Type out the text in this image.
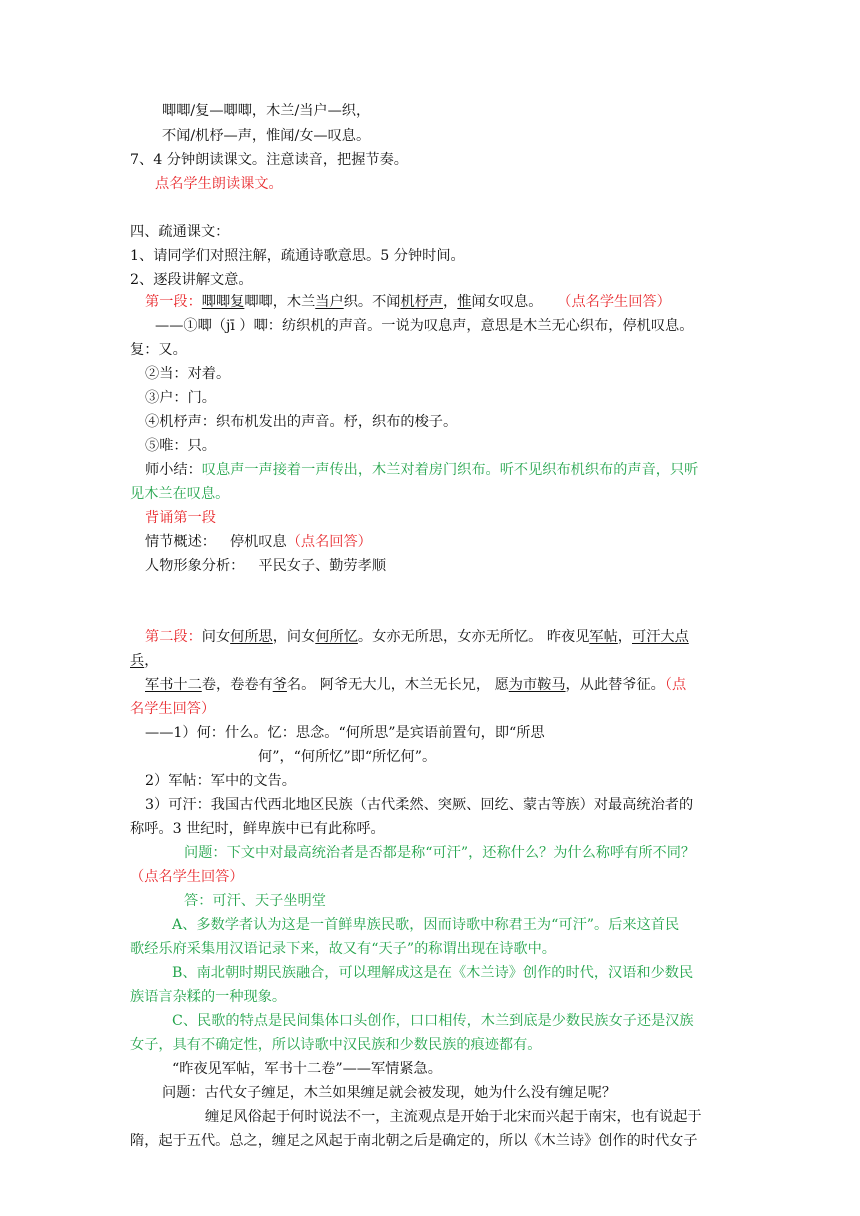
唧唧/复—唧唧，木兰/当户—织，
不闻/机杼—声，惟闻/女—叹息。
7、4 分钟朗读课文。注意读音，把握节奏。
点名学生朗读课文。
四、疏通课文：
1、请同学们对照注解，疏通诗歌意思。5 分钟时间。
2、逐段讲解文意。
第一段：唧唧复唧唧，木兰当户织。不闻机杼声，惟闻女叹息。 （点名学生回答）
——①唧（jī ）唧：纺织机的声音。一说为叹息声，意思是木兰无心织布，停机叹息。
复：又。
②当：对着。
③户：门。
④机杼声：织布机发出的声音。杼，织布的梭子。
⑤唯：只。
师小结：叹息声一声接着一声传出，木兰对着房门织布。听不见织布机织布的声音，只听
见木兰在叹息。
背诵第一段
情节概述： 停机叹息（点名回答）
人物形象分析： 平民女子、勤劳孝顺
第二段：问女何所思，问女何所忆。女亦无所思，女亦无所忆。 昨夜见军帖，可汗大点
兵，
军书十二卷，卷卷有爷名。 阿爷无大儿，木兰无长兄， 愿为市鞍马，从此替爷征。（点
名学生回答）
——1）何：什么。忆：思念。“何所思”是宾语前置句，即“所思
何”，“何所忆”即“所忆何”。
2）军帖：军中的文告。
3）可汗：我国古代西北地区民族（古代柔然、突厥、回纥、蒙古等族）对最高统治者的
称呼。3 世纪时，鲜卑族中已有此称呼。
问题：下文中对最高统治者是否都是称“可汗”，还称什么？为什么称呼有所不同？
（点名学生回答）
答：可汗、天子坐明堂
A、多数学者认为这是一首鲜卑族民歌，因而诗歌中称君王为“可汗”。后来这首民
歌经乐府采集用汉语记录下来，故又有“天子”的称谓出现在诗歌中。
B、南北朝时期民族融合，可以理解成这是在《木兰诗》创作的时代，汉语和少数民
族语言杂糅的一种现象。
C、民歌的特点是民间集体口头创作，口口相传，木兰到底是少数民族女子还是汉族
女子，具有不确定性，所以诗歌中汉民族和少数民族的痕迹都有。
“昨夜见军帖，军书十二卷”——军情紧急。
问题：古代女子缠足，木兰如果缠足就会被发现，她为什么没有缠足呢？
缠足风俗起于何时说法不一，主流观点是开始于北宋而兴起于南宋，也有说起于
隋，起于五代。总之，缠足之风起于南北朝之后是确定的，所以《木兰诗》创作的时代女子
